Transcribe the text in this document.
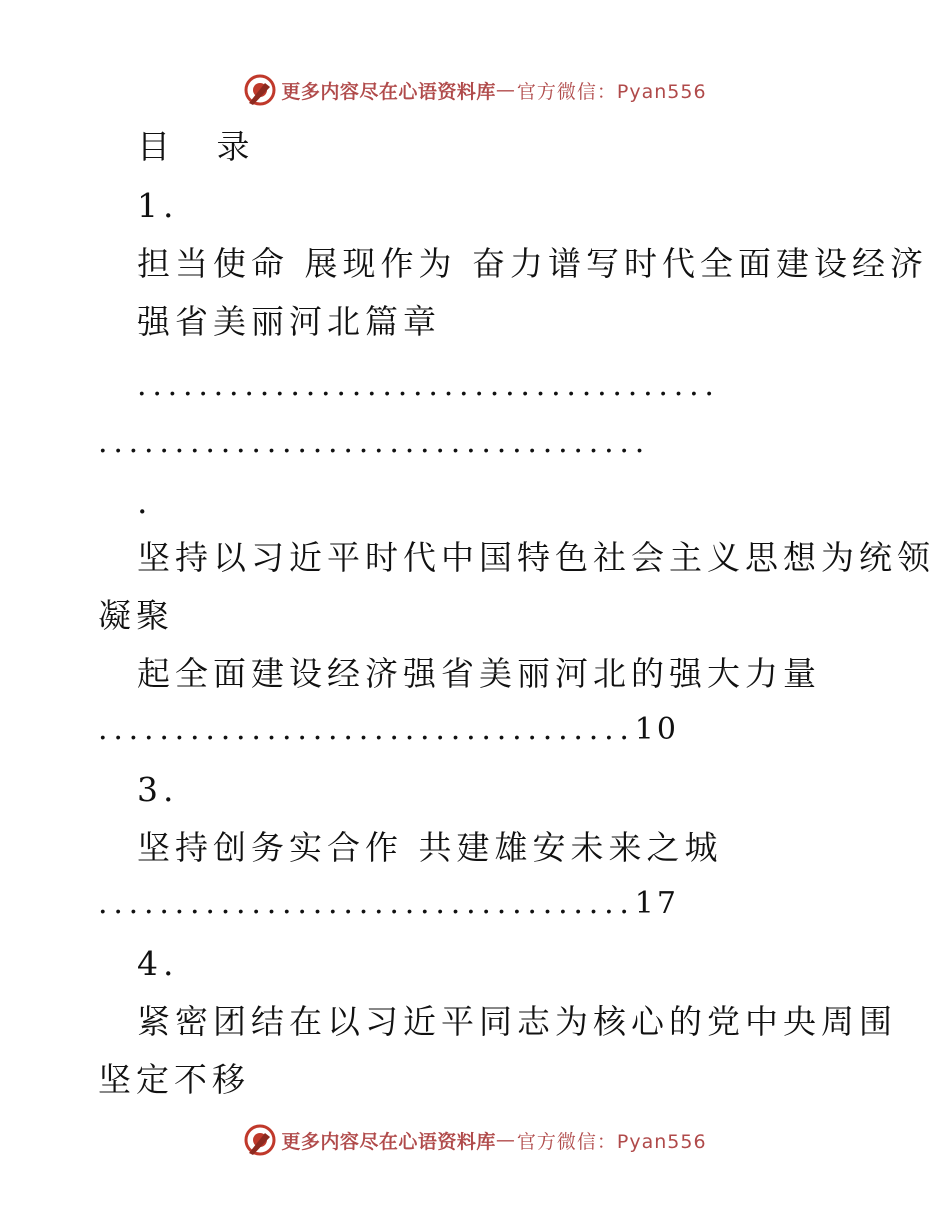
更多内容尽在心语资料库 — 官方微信：Pyan556
目 录
1.
担当使命 展现作为 奋力谱写时代全面建设经济
强省美丽河北篇章
......................................
....................................
.
坚持以习近平时代中国特色社会主义思想为统领
凝聚
起全面建设经济强省美丽河北的强大力量
...................................10
3.
坚持创务实合作 共建雄安未来之城
...................................17
4.
紧密团结在以习近平同志为核心的党中央周围
坚定不移
更多内容尽在心语资料库 — 官方微信：Pyan556
